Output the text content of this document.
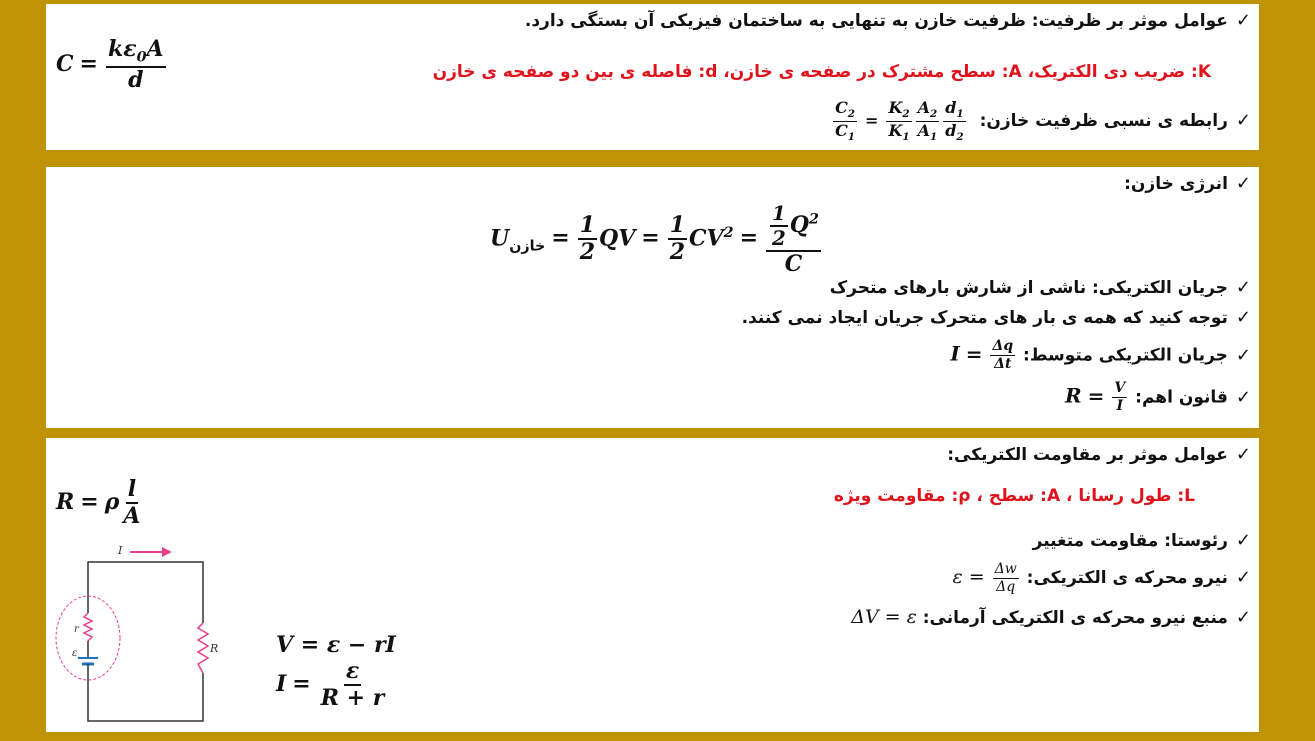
✓عوامل موثر بر ظرفیت: ظرفیت خازن به تنهایی به ساختمان فیزیکی آن بستگی دارد.
$C = \frac{k\varepsilon_0A}{d}$	K: ضریب دی الکتریک، A: سطح مشترک در صفحه ی خازن، d: فاصله ی بین دو صفحه ی خازن
✓رابطه ی نسبی ظرفیت خازن:
$\frac{C_2}{C_1} = \frac{K_2}{K_1} \frac{A_2}{A_1} \frac{d_1}{d_2}$
✓انرژی خازن:
$U_{خازن} = \frac{1}{2}$ QV = $\frac{1}{2} CV^2 = \frac{\frac{1}{2} Q^2}{C}$
✓جریان الکتریکی: ناشی از شارش بارهای متحرک
✓توجه کنید که همه ی بار های متحرک جریان ایجاد نمی کنند.
✓جریان الکتریکی متوسط: $I = \frac{\Delta q}{\Delta t}$
✓قانون اهم: $R = \frac{V}{I}$
✓عوامل موثر بر مقاومت الکتریکی:
R = ρ $\frac{l}{A}$	L: طول رسانا ، A: سطح ، ρ: مقاومت ویژه
✓رئوستا: مقاومت متغییر
✓نیرو محرکه ی الکتریکی: $\varepsilon = \frac{\Delta w}{\Delta q}$
✓منبع نیرو محرکه ی الکتریکی آرمانی: ΔV = ε
V = ε − rI
$I = \frac{\varepsilon}{R + r}$
I
R
r
ε
